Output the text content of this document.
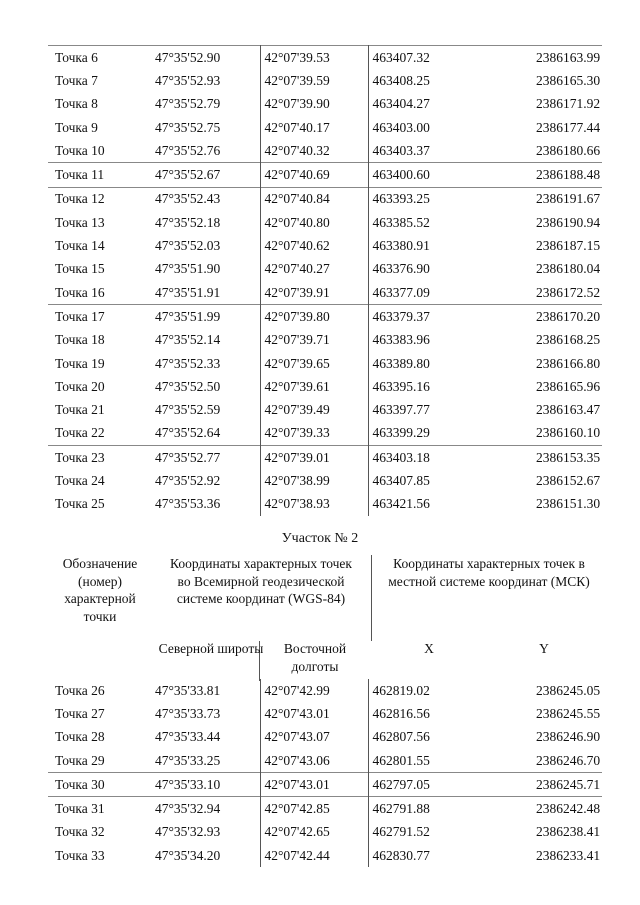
Точка 6	47°35'52.90	42°07'39.53	463407.32	2386163.99
Точка 7	47°35'52.93	42°07'39.59	463408.25	2386165.30
Точка 8	47°35'52.79	42°07'39.90	463404.27	2386171.92
Точка 9	47°35'52.75	42°07'40.17	463403.00	2386177.44
Точка 10	47°35'52.76	42°07'40.32	463403.37	2386180.66
Точка 11	47°35'52.67	42°07'40.69	463400.60	2386188.48
Точка 12	47°35'52.43	42°07'40.84	463393.25	2386191.67
Точка 13	47°35'52.18	42°07'40.80	463385.52	2386190.94
Точка 14	47°35'52.03	42°07'40.62	463380.91	2386187.15
Точка 15	47°35'51.90	42°07'40.27	463376.90	2386180.04
Точка 16	47°35'51.91	42°07'39.91	463377.09	2386172.52
Точка 17	47°35'51.99	42°07'39.80	463379.37	2386170.20
Точка 18	47°35'52.14	42°07'39.71	463383.96	2386168.25
Точка 19	47°35'52.33	42°07'39.65	463389.80	2386166.80
Точка 20	47°35'52.50	42°07'39.61	463395.16	2386165.96
Точка 21	47°35'52.59	42°07'39.49	463397.77	2386163.47
Точка 22	47°35'52.64	42°07'39.33	463399.29	2386160.10
Точка 23	47°35'52.77	42°07'39.01	463403.18	2386153.35
Точка 24	47°35'52.92	42°07'38.99	463407.85	2386152.67
Точка 25	47°35'53.36	42°07'38.93	463421.56	2386151.30
Участок № 2
Обозначение (номер) характерной точки
Координаты характерных точек во Всемирной геодезической системе координат (WGS-84)
Координаты характерных точек в местной системе координат (МСК)
Северной широты	Восточной долготы
X	Y
Точка 26	47°35'33.81	42°07'42.99	462819.02	2386245.05
Точка 27	47°35'33.73	42°07'43.01	462816.56	2386245.55
Точка 28	47°35'33.44	42°07'43.07	462807.56	2386246.90
Точка 29	47°35'33.25	42°07'43.06	462801.55	2386246.70
Точка 30	47°35'33.10	42°07'43.01	462797.05	2386245.71
Точка 31	47°35'32.94	42°07'42.85	462791.88	2386242.48
Точка 32	47°35'32.93	42°07'42.65	462791.52	2386238.41
Точка 33	47°35'34.20	42°07'42.44	462830.77	2386233.41
